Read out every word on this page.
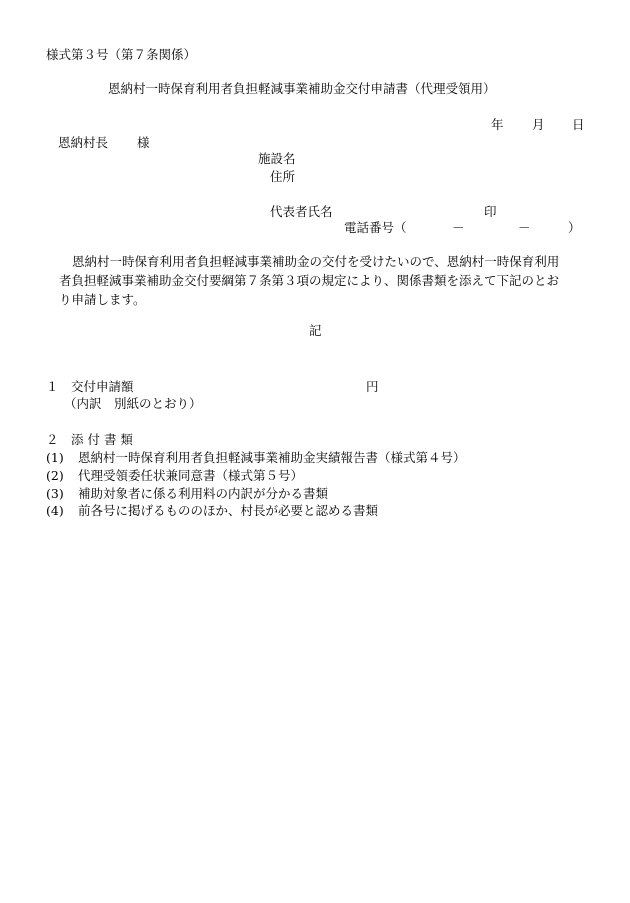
様式第３号（第７条関係）
恩納村一時保育利用者負担軽減事業補助金交付申請書（代理受領用）
年 月 日
恩納村長 様
施設名
住所
代表者氏名	印
電話番号（	－	－	）
恩納村一時保育利用者負担軽減事業補助金の交付を受けたいので、恩納村一時保育利用
者負担軽減事業補助金交付要綱第７条第３項の規定により、関係書類を添えて下記のとお
り申請します。
記
１　交付申請額	円
（内訳　別紙のとおり）
２　添 付 書 類
(1) 恩納村一時保育利用者負担軽減事業補助金実績報告書（様式第４号）
(2) 代理受領委任状兼同意書（様式第５号）
(3) 補助対象者に係る利用料の内訳が分かる書類
(4) 前各号に掲げるもののほか、村長が必要と認める書類
